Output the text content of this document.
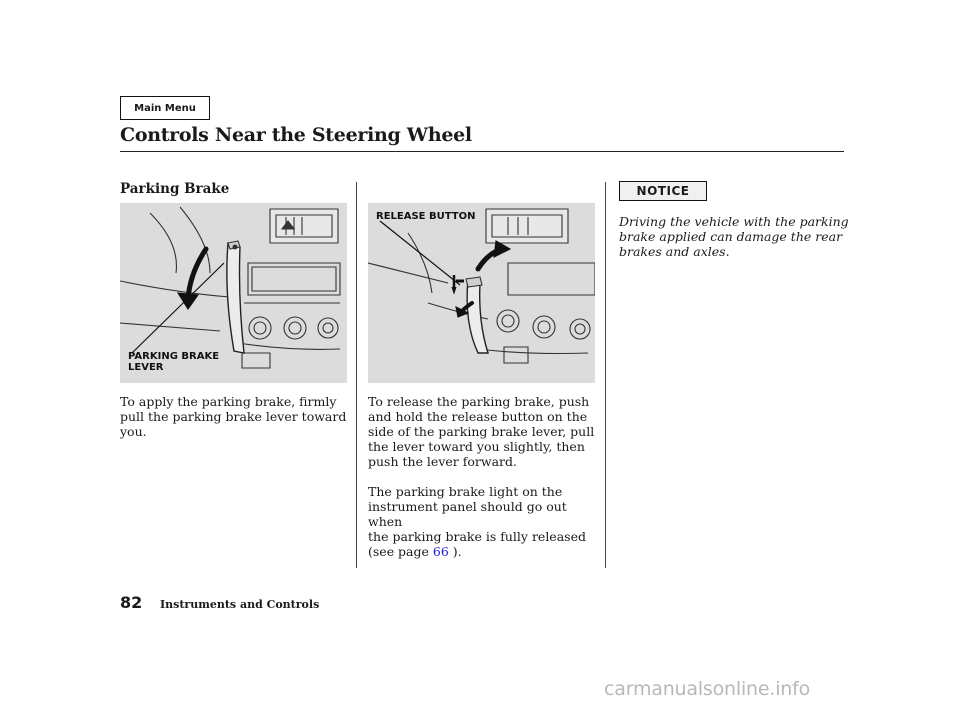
Main Menu
Controls Near the Steering Wheel
Parking Brake
PARKING BRAKE
LEVER
RELEASE BUTTON
To apply the parking brake, firmly
pull the parking brake lever toward
you.
To release the parking brake, push
and hold the release button on the
side of the parking brake lever, pull
the lever toward you slightly, then
push the lever forward.
The parking brake light on the
instrument panel should go out when
the parking brake is fully released
(see page 66 ).
NOTICE
Driving the vehicle with the parking
brake applied can damage the rear
brakes and axles.
82 Instruments and Controls
carmanualsonline.info
